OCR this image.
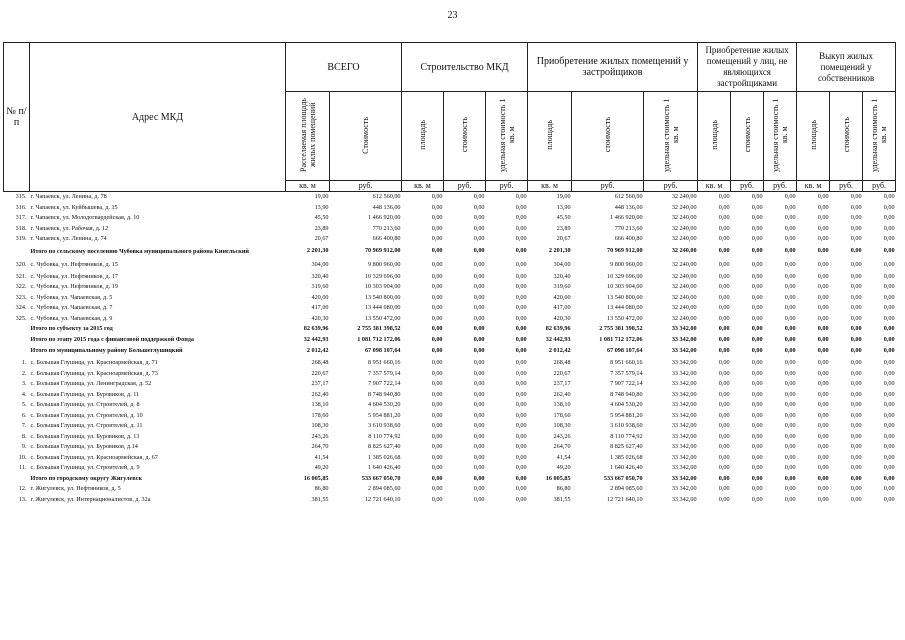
23
№ п/п	Адрес МКД	ВСЕГО		Строительство МКД			Приобретение жилых помещений у застройщиков			Приобретение жилых помещений у лиц, не являющихся застройщиками			Выкуп жилых помещений у собственников		
		Расселяемая площадь жилых помещений	Стоимость	площадь	стоимость	удельная стоимость 1 кв. м	площадь	стоимость	удельная стоимость 1 кв. м	площадь	стоимость	удельная стоимость 1 кв. м	площадь	стоимость	удельная стоимость 1 кв. м
		кв. м	руб.	кв. м	руб.	руб.	кв. м	руб.	руб.	кв. м	руб.	руб.	кв. м	руб.	руб.
315.	г. Чапаевск, ул. Ленина, д. 78	19,00	612 560,00	0,00	0,00	0,00	19,00	612 560,00	32 240,00	0,00	0,00	0,00	0,00	0,00	0,00
316.	г. Чапаевск, ул. Куйбышева, д. 15	13,90	448 136,00	0,00	0,00	0,00	13,90	448 136,00	32 240,00	0,00	0,00	0,00	0,00	0,00	0,00
317.	г. Чапаевск, ул. Молодогвардейская, д. 10	45,50	1 466 920,00	0,00	0,00	0,00	45,50	1 466 920,00	32 240,00	0,00	0,00	0,00	0,00	0,00	0,00
318.	г. Чапаевск, ул. Рабочая, д. 12	23,89	770 213,60	0,00	0,00	0,00	23,89	770 213,60	32 240,00	0,00	0,00	0,00	0,00	0,00	0,00
319.	г. Чапаевск, ул. Ленина, д. 74	20,67	666 400,80	0,00	0,00	0,00	20,67	666 400,80	32 240,00	0,00	0,00	0,00	0,00	0,00	0,00
	Итого по сельскому поселению Чубовка муниципального района Кинельский	2 201,30	70 969 912,00	0,00	0,00	0,00	2 201,30	70 969 912,00	32 240,00	0,00	0,00	0,00	0,00	0,00	0,00
320.	с. Чубовка, ул. Нефтяников, д. 15	304,00	9 800 960,00	0,00	0,00	0,00	304,00	9 800 960,00	32 240,00	0,00	0,00	0,00	0,00	0,00	0,00
321.	с. Чубовка, ул. Нефтяников, д. 17	320,40	10 329 696,00	0,00	0,00	0,00	320,40	10 329 696,00	32 240,00	0,00	0,00	0,00	0,00	0,00	0,00
322.	с. Чубовка, ул. Нефтяников, д. 19	319,60	10 303 904,00	0,00	0,00	0,00	319,60	10 303 904,00	32 240,00	0,00	0,00	0,00	0,00	0,00	0,00
323.	с. Чубовка, ул. Чапаевская, д. 5	420,00	13 540 800,00	0,00	0,00	0,00	420,00	13 540 800,00	32 240,00	0,00	0,00	0,00	0,00	0,00	0,00
324.	с. Чубовка, ул. Чапаевская, д. 7	417,00	13 444 080,00	0,00	0,00	0,00	417,00	13 444 080,00	32 240,00	0,00	0,00	0,00	0,00	0,00	0,00
325.	с. Чубовка, ул. Чапаевская, д. 9	420,30	13 550 472,00	0,00	0,00	0,00	420,30	13 550 472,00	32 240,00	0,00	0,00	0,00	0,00	0,00	0,00
	Итого по субъекту за 2015 год	82 639,96	2 755 381 398,52	0,00	0,00	0,00	82 639,96	2 755 381 398,52	33 342,00	0,00	0,00	0,00	0,00	0,00	0,00
	Итого по этапу 2015 года с финансовой поддержкой Фонда	32 442,93	1 081 712 172,06	0,00	0,00	0,00	32 442,93	1 081 712 172,06	33 342,00	0,00	0,00	0,00	0,00	0,00	0,00
	Итого по муниципальному району Большеглушицкий	2 012,42	67 098 107,64	0,00	0,00	0,00	2 012,42	67 098 107,64	33 342,00	0,00	0,00	0,00	0,00	0,00	0,00
1.	с. Большая Глушица, ул. Красноармейская, д. 71	268,48	8 951 660,16	0,00	0,00	0,00	268,48	8 951 660,16	33 342,00	0,00	0,00	0,00	0,00	0,00	0,00
2.	с. Большая Глушица, ул. Красноармейская, д. 73	220,67	7 357 579,14	0,00	0,00	0,00	220,67	7 357 579,14	33 342,00	0,00	0,00	0,00	0,00	0,00	0,00
3.	с. Большая Глушица, ул. Ленинградская, д. 52	237,17	7 907 722,14	0,00	0,00	0,00	237,17	7 907 722,14	33 342,00	0,00	0,00	0,00	0,00	0,00	0,00
4.	с. Большая Глушица, ул. Буровиков, д. 11	262,40	8 748 940,80	0,00	0,00	0,00	262,40	8 748 940,80	33 342,00	0,00	0,00	0,00	0,00	0,00	0,00
5.	с. Большая Глушица, ул. Строителей, д. 8	138,10	4 604 530,20	0,00	0,00	0,00	138,10	4 604 530,20	33 342,00	0,00	0,00	0,00	0,00	0,00	0,00
6.	с. Большая Глушица, ул. Строителей, д. 10	178,60	5 954 881,20	0,00	0,00	0,00	178,60	5 954 881,20	33 342,00	0,00	0,00	0,00	0,00	0,00	0,00
7.	с. Большая Глушица, ул. Строителей, д. 11	108,30	3 610 938,60	0,00	0,00	0,00	108,30	3 610 938,60	33 342,00	0,00	0,00	0,00	0,00	0,00	0,00
8.	с. Большая Глушица, ул. Буровиков, д. 13	243,26	8 110 774,92	0,00	0,00	0,00	243,26	8 110 774,92	33 342,00	0,00	0,00	0,00	0,00	0,00	0,00
9.	с. Большая Глушица, ул. Буровиков, д.14	264,70	8 825 627,40	0,00	0,00	0,00	264,70	8 825 627,40	33 342,00	0,00	0,00	0,00	0,00	0,00	0,00
10.	с. Большая Глушица, ул. Красноармейская, д. 67	41,54	1 385 026,68	0,00	0,00	0,00	41,54	1 385 026,68	33 342,00	0,00	0,00	0,00	0,00	0,00	0,00
11.	с. Большая Глушица, ул. Строителей, д. 9	49,20	1 640 426,40	0,00	0,00	0,00	49,20	1 640 426,40	33 342,00	0,00	0,00	0,00	0,00	0,00	0,00
	Итого по городскому округу Жигулевск	16 005,85	533 667 050,70	0,00	0,00	0,00	16 005,85	533 667 050,70	33 342,00	0,00	0,00	0,00	0,00	0,00	0,00
12.	г. Жигулевск, ул. Нефтяников, д. 5	86,80	2 894 085,60	0,00	0,00	0,00	86,80	2 894 085,60	33 342,00	0,00	0,00	0,00	0,00	0,00	0,00
13.	г. Жигулевск, ул. Интернационалистов, д. 32а	381,55	12 721 640,10	0,00	0,00	0,00	381,55	12 721 640,10	33 342,00	0,00	0,00	0,00	0,00	0,00	0,00
